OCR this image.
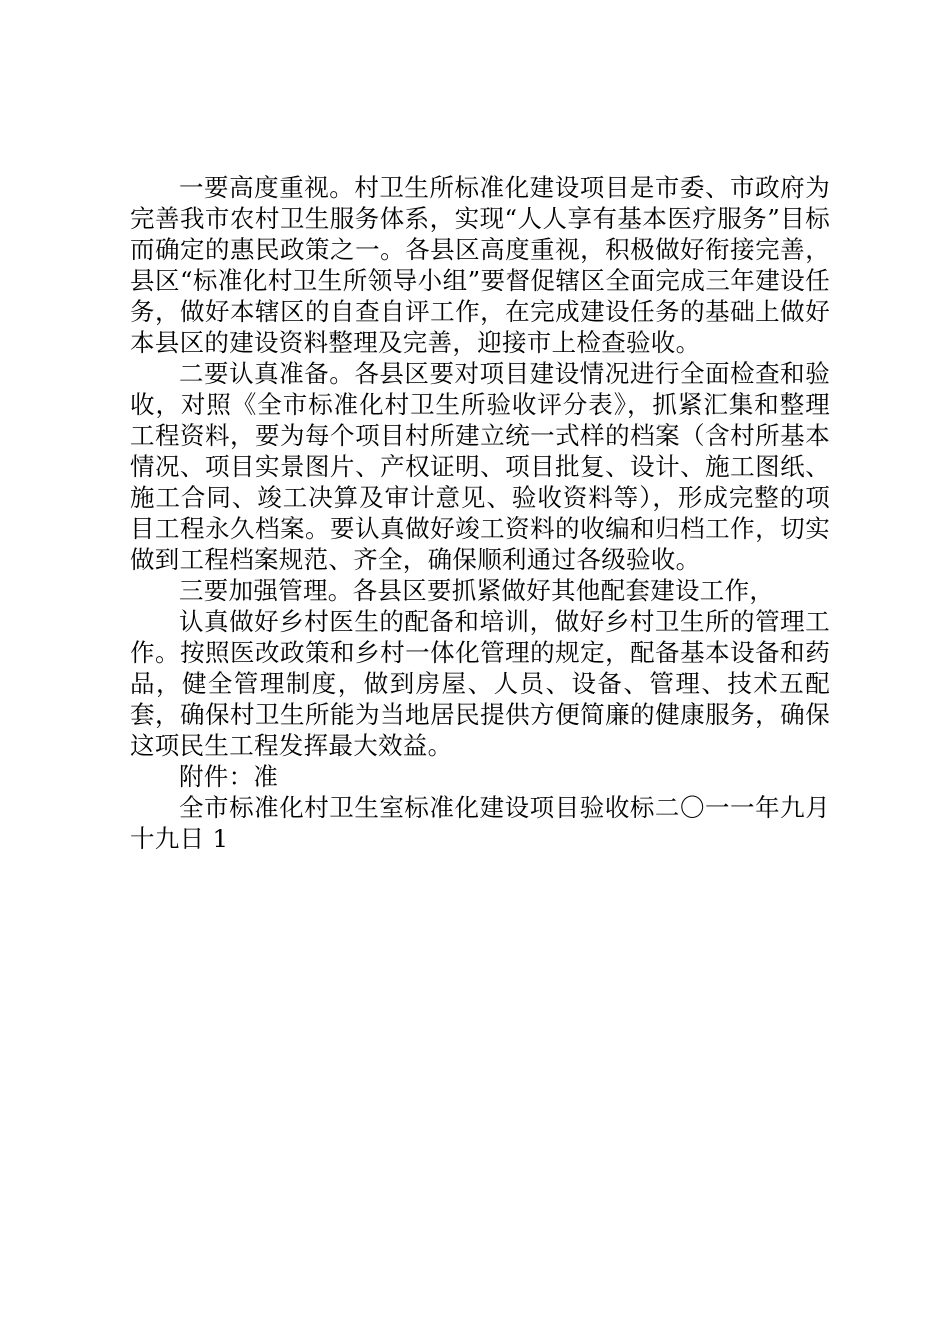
一要高度重视。村卫生所标准化建设项目是市委、市政府为完善我市农村卫生服务体系，实现“人人享有基本医疗服务”目标而确定的惠民政策之一。各县区高度重视，积极做好衔接完善，县区“标准化村卫生所领导小组”要督促辖区全面完成三年建设任务，做好本辖区的自查自评工作，在完成建设任务的基础上做好本县区的建设资料整理及完善，迎接市上检查验收。

二要认真准备。各县区要对项目建设情况进行全面检查和验收，对照《全市标准化村卫生所验收评分表》，抓紧汇集和整理工程资料，要为每个项目村所建立统一式样的档案（含村所基本情况、项目实景图片、产权证明、项目批复、设计、施工图纸、施工合同、竣工决算及审计意见、验收资料等），形成完整的项目工程永久档案。要认真做好竣工资料的收编和归档工作，切实做到工程档案规范、齐全，确保顺利通过各级验收。

三要加强管理。各县区要抓紧做好其他配套建设工作，

认真做好乡村医生的配备和培训，做好乡村卫生所的管理工作。按照医改政策和乡村一体化管理的规定，配备基本设备和药品，健全管理制度，做到房屋、人员、设备、管理、技术五配套，确保村卫生所能为当地居民提供方便简廉的健康服务，确保这项民生工程发挥最大效益。

附件：准

全市标准化村卫生室标准化建设项目验收标二〇一一年九月十九日 1
